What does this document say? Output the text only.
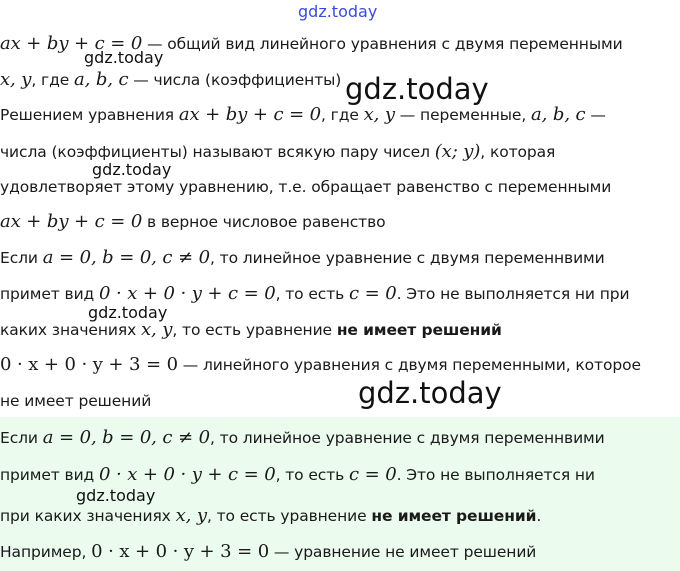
ax + by + c = 0 — общий вид линейного уравнения с двумя переменными
x, y, где a, b, c — числа (коэффициенты)
Решением уравнения ax + by + c = 0, где x, y — переменные, a, b, c —
числа (коэффициенты) называют всякую пару чисел (x; y), которая
удовлетворяет этому уравнению, т.е. обращает равенство с переменными
ax + by + c = 0 в верное числовое равенство
Если a = 0, b = 0, c ≠ 0, то линейное уравнение с двумя переменнвими
примет вид 0 · x + 0 · y + c = 0, то есть c = 0. Это не выполняется ни при
каких значениях x, y, то есть уравнение не имеет решений
0 · x + 0 · y + 3 = 0 — линейного уравнения с двумя переменными, которое
не имеет решений
Если a = 0, b = 0, c ≠ 0, то линейное уравнение с двумя переменнвими
примет вид 0 · x + 0 · y + c = 0, то есть c = 0. Это не выполняется ни
при каких значениях x, y, то есть уравнение не имеет решений.
Например, 0 · x + 0 · y + 3 = 0 — уравнение не имеет решений
gdz.today
gdz.today
gdz.today
gdz.today
gdz.today
gdz.today
gdz.today
